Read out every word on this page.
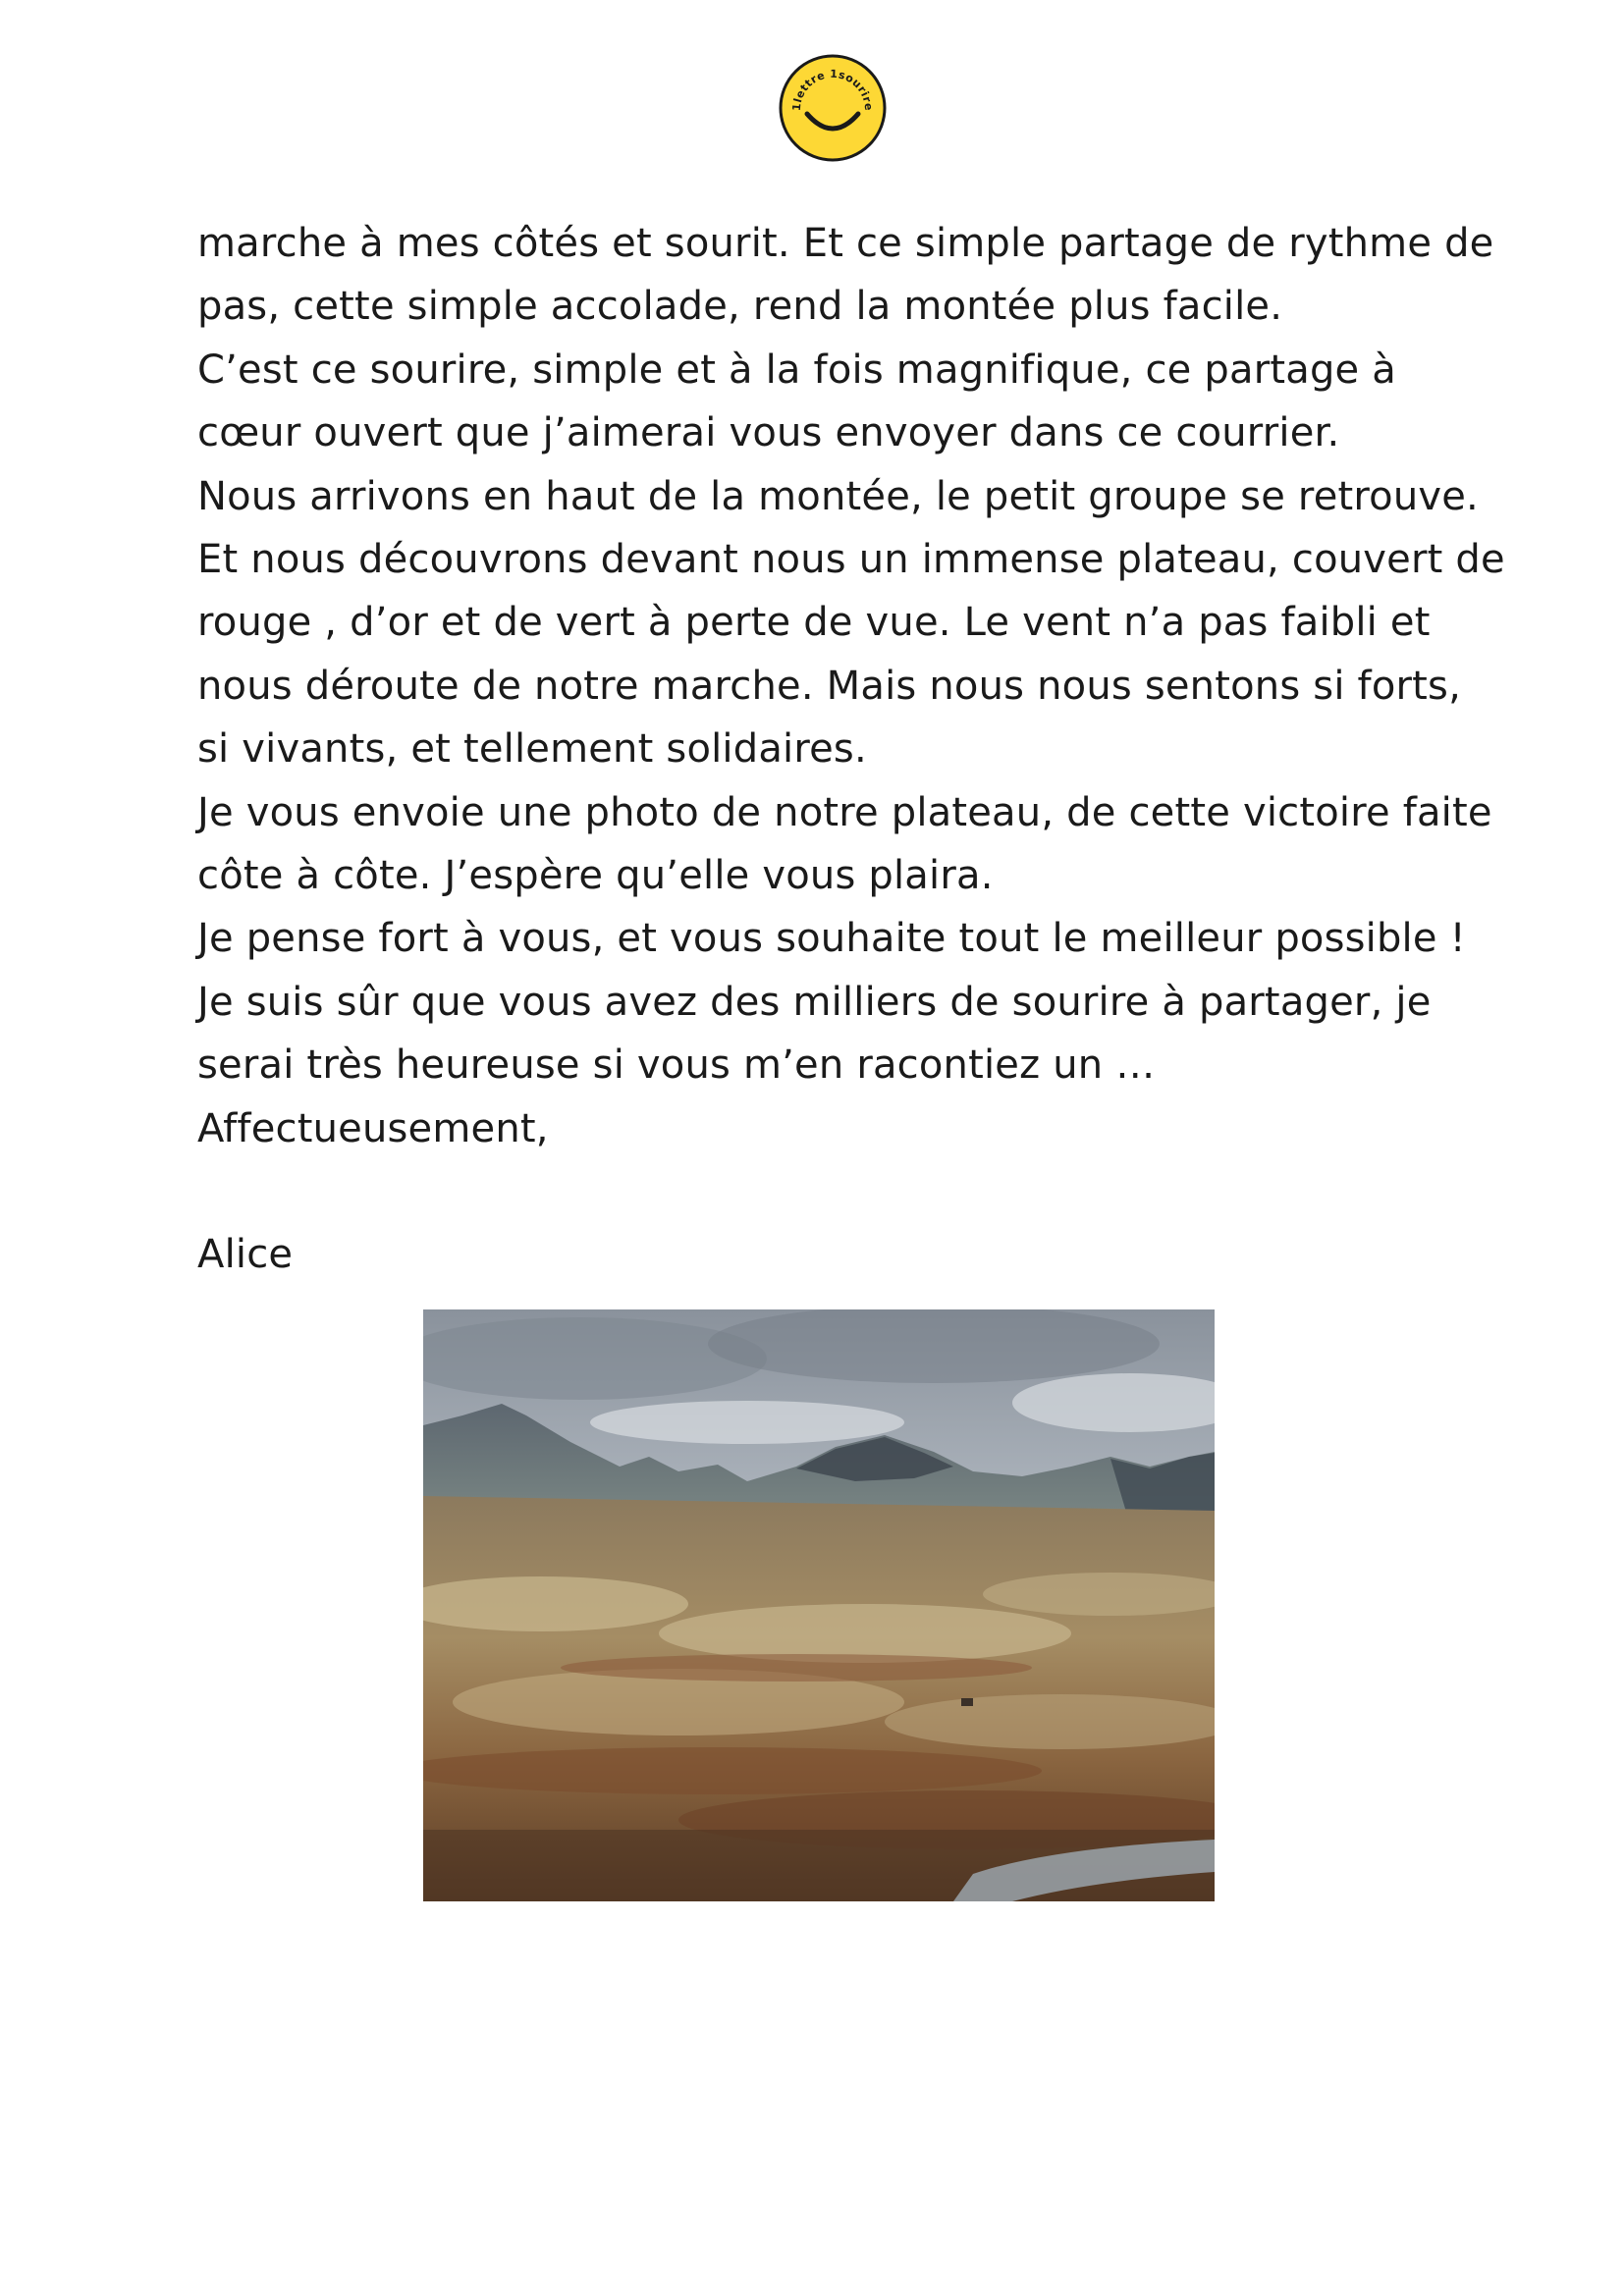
1lettre 1sourire

marche à mes côtés et sourit. Et ce simple partage de rythme de

pas, cette simple accolade, rend la montée plus facile.

C’est ce sourire, simple et à la fois magnifique, ce partage à

cœur ouvert que j’aimerai vous envoyer dans ce courrier.

Nous arrivons en haut de la montée, le petit groupe se retrouve.

Et nous découvrons devant nous un immense plateau, couvert de

rouge , d’or et de vert à perte de vue. Le vent n’a pas faibli et

nous déroute de notre marche. Mais nous nous sentons si forts,

si vivants, et tellement solidaires.

Je vous envoie une photo de notre plateau, de cette victoire faite

côte à côte. J’espère qu’elle vous plaira.

Je pense fort à vous, et vous souhaite tout le meilleur possible !

Je suis sûr que vous avez des milliers de sourire à partager, je

serai très heureuse si vous m’en racontiez un …

Affectueusement,

Alice
